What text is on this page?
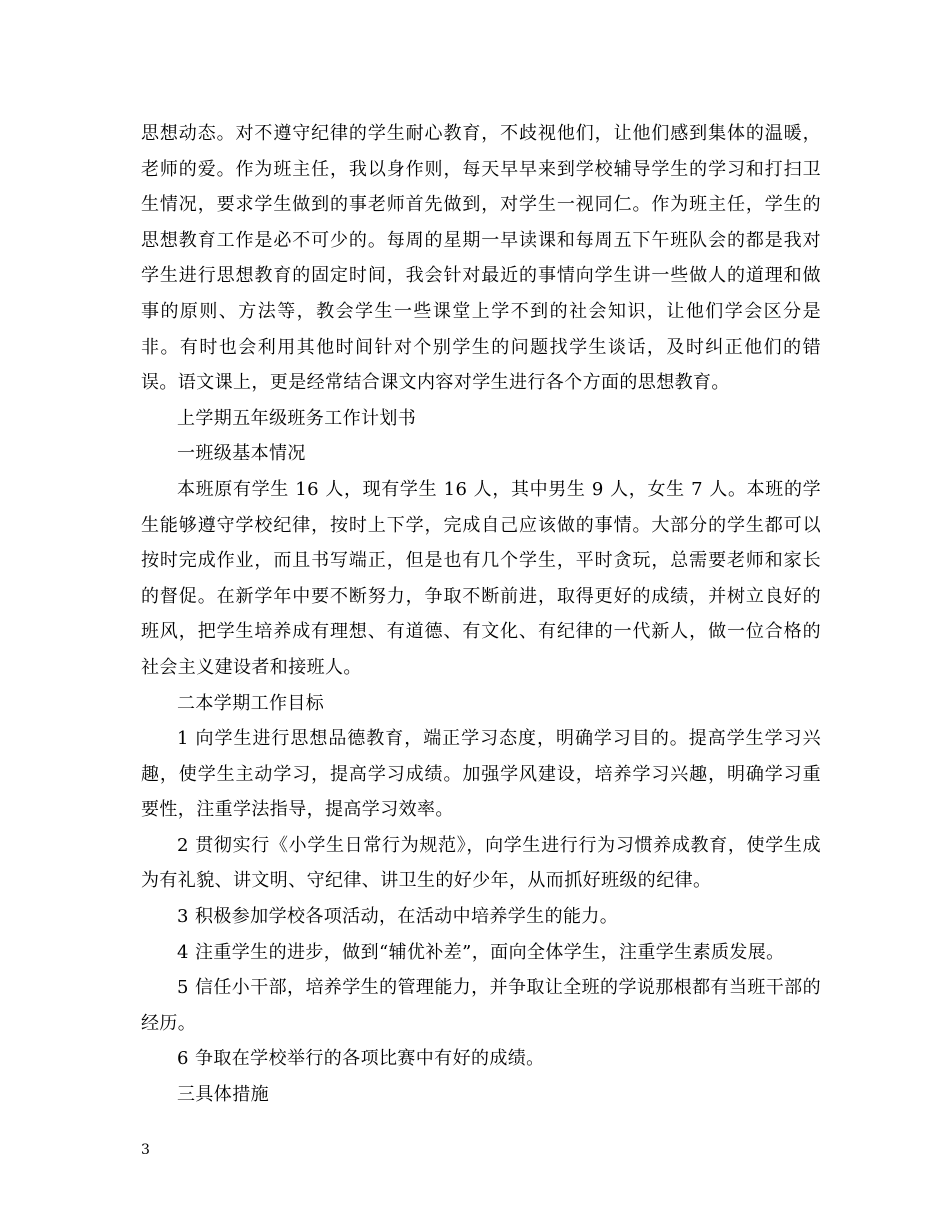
思想动态。对不遵守纪律的学生耐心教育，不歧视他们，让他们感到集体的温暖，老师的爱。作为班主任，我以身作则，每天早早来到学校辅导学生的学习和打扫卫生情况，要求学生做到的事老师首先做到，对学生一视同仁。作为班主任，学生的思想教育工作是必不可少的。每周的星期一早读课和每周五下午班队会的都是我对学生进行思想教育的固定时间，我会针对最近的事情向学生讲一些做人的道理和做事的原则、方法等，教会学生一些课堂上学不到的社会知识，让他们学会区分是非。有时也会利用其他时间针对个别学生的问题找学生谈话，及时纠正他们的错误。语文课上，更是经常结合课文内容对学生进行各个方面的思想教育。

上学期五年级班务工作计划书

一班级基本情况

本班原有学生 16 人，现有学生 16 人，其中男生 9 人，女生 7 人。本班的学生能够遵守学校纪律，按时上下学，完成自己应该做的事情。大部分的学生都可以按时完成作业，而且书写端正，但是也有几个学生，平时贪玩，总需要老师和家长的督促。在新学年中要不断努力，争取不断前进，取得更好的成绩，并树立良好的班风，把学生培养成有理想、有道德、有文化、有纪律的一代新人，做一位合格的社会主义建设者和接班人。

二本学期工作目标

1 向学生进行思想品德教育，端正学习态度，明确学习目的。提高学生学习兴趣，使学生主动学习，提高学习成绩。加强学风建设，培养学习兴趣，明确学习重要性，注重学法指导，提高学习效率。

2 贯彻实行《小学生日常行为规范》，向学生进行行为习惯养成教育，使学生成为有礼貌、讲文明、守纪律、讲卫生的好少年，从而抓好班级的纪律。

3 积极参加学校各项活动，在活动中培养学生的能力。

4 注重学生的进步，做到“辅优补差”，面向全体学生，注重学生素质发展。

5 信任小干部，培养学生的管理能力，并争取让全班的学说那根都有当班干部的经历。

6 争取在学校举行的各项比赛中有好的成绩。

三具体措施

3
